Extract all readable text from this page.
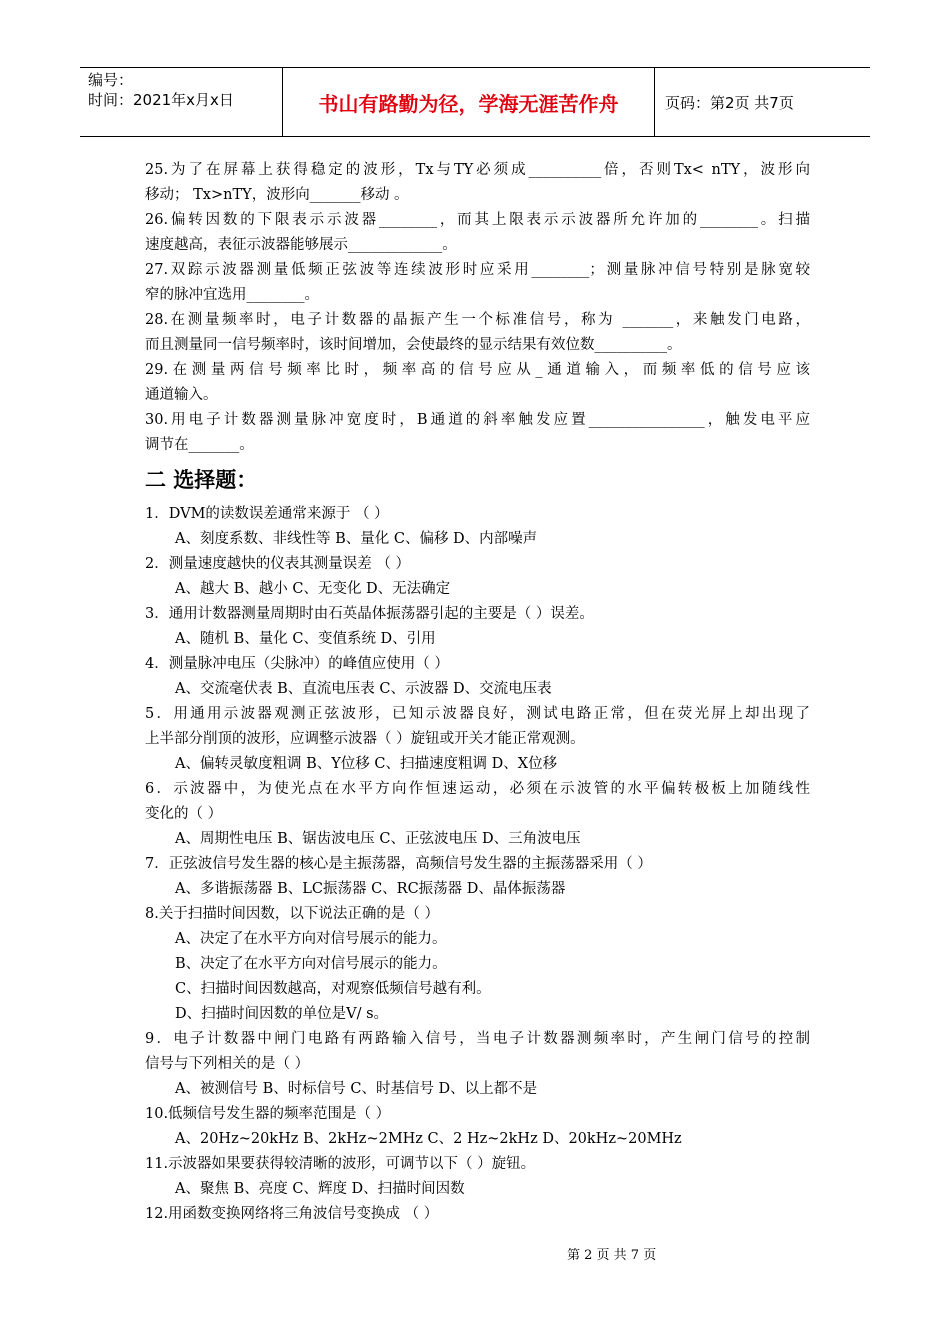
编号：
时间：2021年x月x日	书山有路勤为径，学海无涯苦作舟	页码：第2页 共7页
25.为了在屏幕上获得稳定的波形，Tx与TY必须成__________倍，否则Tx< nTY，波形向
移动； Tx>nTY，波形向_______移动 。
26.偏转因数的下限表示示波器________，而其上限表示示波器所允许加的________。扫描
速度越高，表征示波器能够展示_____________。
27.双踪示波器测量低频正弦波等连续波形时应采用________；测量脉冲信号特别是脉宽较
窄的脉冲宜选用________。
28.在测量频率时，电子计数器的晶振产生一个标准信号，称为 _______，来触发门电路，
而且测量同一信号频率时，该时间增加，会使最终的显示结果有效位数__________。
29.在测量两信号频率比时，频率高的信号应从_通道输入，而频率低的信号应该
通道输入。
30.用电子计数器测量脉冲宽度时，B通道的斜率触发应置________________，触发电平应
调节在_______。
二 选择题：
1．DVM的读数误差通常来源于 （ ）
A、刻度系数、非线性等 B、量化 C、偏移 D、内部噪声
2．测量速度越快的仪表其测量误差 （ ）
A、越大 B、越小 C、无变化 D、无法确定
3．通用计数器测量周期时由石英晶体振荡器引起的主要是（ ）误差。
A、随机 B、量化 C、变值系统 D、引用
4．测量脉冲电压（尖脉冲）的峰值应使用（ ）
A、交流毫伏表 B、直流电压表 C、示波器 D、交流电压表
5．用通用示波器观测正弦波形，已知示波器良好，测试电路正常，但在荧光屏上却出现了
上半部分削顶的波形，应调整示波器（ ）旋钮或开关才能正常观测。
A、偏转灵敏度粗调 B、Y位移 C、扫描速度粗调 D、X位移
6．示波器中，为使光点在水平方向作恒速运动，必须在示波管的水平偏转极板上加随线性
变化的（ ）
A、周期性电压 B、锯齿波电压 C、正弦波电压 D、三角波电压
7．正弦波信号发生器的核心是主振荡器，高频信号发生器的主振荡器采用（ ）
A、多谐振荡器 B、LC振荡器 C、RC振荡器 D、晶体振荡器
8.关于扫描时间因数，以下说法正确的是（ ）
A、决定了在水平方向对信号展示的能力。
B、决定了在水平方向对信号展示的能力。
C、扫描时间因数越高，对观察低频信号越有利。
D、扫描时间因数的单位是V/ s。
9．电子计数器中闸门电路有两路输入信号，当电子计数器测频率时，产生闸门信号的控制
信号与下列相关的是（ ）
A、被测信号 B、时标信号 C、时基信号 D、以上都不是
10.低频信号发生器的频率范围是（ ）
A、20Hz~20kHz B、2kHz~2MHz C、2 Hz~2kHz D、20kHz~20MHz
11.示波器如果要获得较清晰的波形，可调节以下（ ）旋钮。
A、聚焦 B、亮度 C、辉度 D、扫描时间因数
12.用函数变换网络将三角波信号变换成 （ ）
第 2 页 共 7 页
